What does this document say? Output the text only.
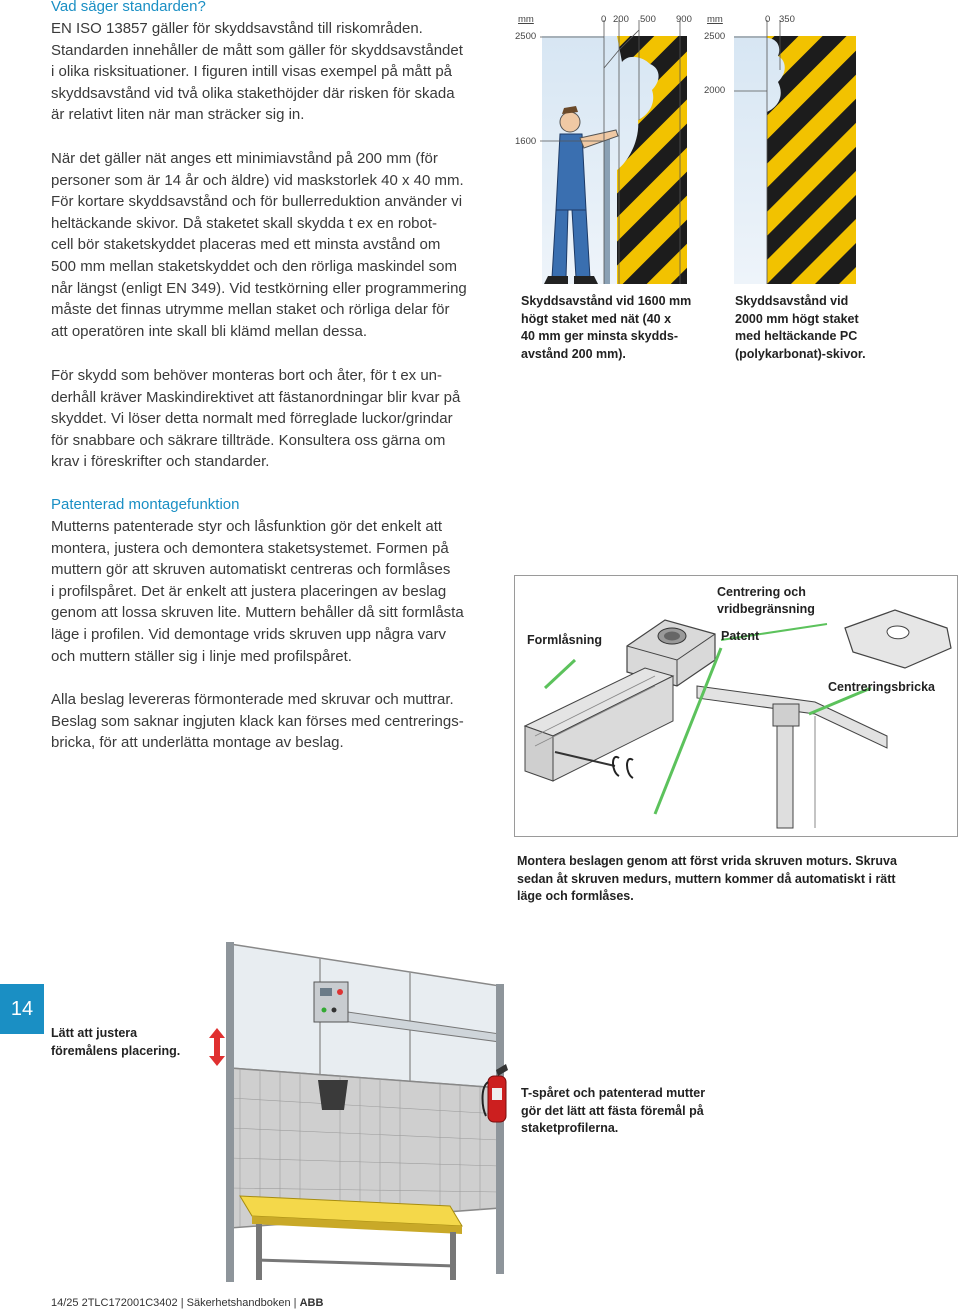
Vad säger standarden?

EN ISO 13857 gäller för skyddsavstånd till riskområden.

Standarden innehåller de mått som gäller för skyddsavståndet

i olika risksituationer. I figuren intill visas exempel på mått på

skyddsavstånd vid två olika stakethöjder där risken för skada

är relativt liten när man sträcker sig in.

När det gäller nät anges ett minimiavstånd på 200 mm (för

personer som är 14 år och äldre) vid maskstorlek 40 x 40 mm.

För kortare skyddsavstånd och för bullerreduktion använder vi

heltäckande skivor. Då staketet skall skydda t ex en robot-

cell bör staketskyddet placeras med ett minsta avstånd om

500 mm mellan staketskyddet och den rörliga maskindel som

når längst (enligt EN 349). Vid testkörning eller programmering

måste det finnas utrymme mellan staket och rörliga delar för

att operatören inte skall bli klämd mellan dessa.

För skydd som behöver monteras bort och åter, för t ex un-

derhåll kräver Maskindirektivet att fästanordningar blir kvar på

skyddet. Vi löser detta normalt med förreglade luckor/grindar

för snabbare och säkrare tillträde. Konsultera oss gärna om

krav i föreskrifter och standarder.

Patenterad montagefunktion

Mutterns patenterade styr och låsfunktion gör det enkelt att

montera, justera och demontera staketsystemet. Formen på

muttern gör att skruven automatiskt centreras och formlåses

i profilspåret. Det är enkelt att justera placeringen av beslag

genom att lossa skruven lite. Muttern behåller då sitt formlåsta

läge i profilen. Vid demontage vrids skruven upp några varv

och muttern ställer sig i linje med profilspåret.

Alla beslag levereras förmonterade med skruvar och muttrar.

Beslag som saknar ingjuten klack kan förses med centrerings-

bricka, för att underlätta montage av beslag.

mm
2500
1600
0 200 500 900 mm
2500
2000
0 350

Skyddsavstånd vid 1600 mm

högt staket med nät (40 x

40 mm ger minsta skydds-

avstånd 200 mm).

Skyddsavstånd vid

2000 mm högt staket

med heltäckande PC

(polykarbonat)-skivor.

Formlåsning
Centrering och
vridbegränsning
Patent
Centreringsbricka

Montera beslagen genom att först vrida skruven moturs. Skruva

sedan åt skruven medurs, muttern kommer då automatiskt i rätt

läge och formlåses.

Lätt att justera

föremålens placering.

T-spåret och patenterad mutter

gör det lätt att fästa föremål på

staketprofilerna.

14
14/25 2TLC172001C3402 | Säkerhetshandboken | ABB
